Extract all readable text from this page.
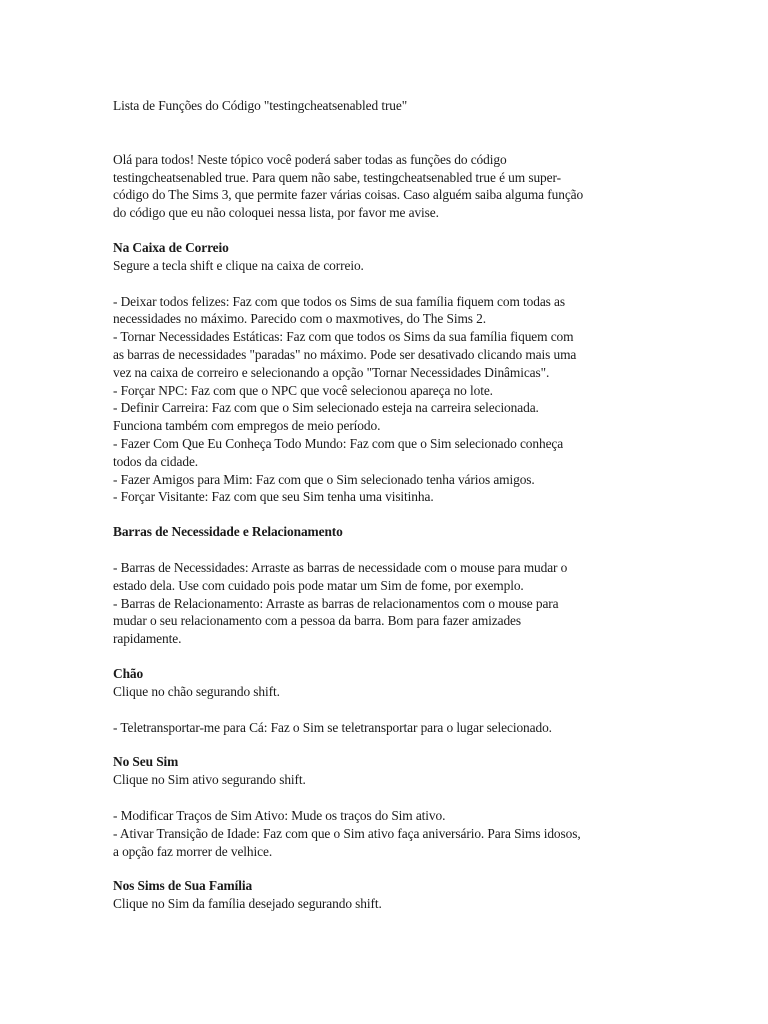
Lista de Funções do Código "testingcheatsenabled true"

Olá para todos! Neste tópico você poderá saber todas as funções do código
testingcheatsenabled true. Para quem não sabe, testingcheatsenabled true é um super-
código do The Sims 3, que permite fazer várias coisas. Caso alguém saiba alguma função
do código que eu não coloquei nessa lista, por favor me avise.

Na Caixa de Correio

Segure a tecla shift e clique na caixa de correio.

- Deixar todos felizes: Faz com que todos os Sims de sua família fiquem com todas as
necessidades no máximo. Parecido com o maxmotives, do The Sims 2.
- Tornar Necessidades Estáticas: Faz com que todos os Sims da sua família fiquem com
as barras de necessidades "paradas" no máximo. Pode ser desativado clicando mais uma
vez na caixa de correiro e selecionando a opção "Tornar Necessidades Dinâmicas".
- Forçar NPC: Faz com que o NPC que você selecionou apareça no lote.
- Definir Carreira: Faz com que o Sim selecionado esteja na carreira selecionada.
Funciona também com empregos de meio período.
- Fazer Com Que Eu Conheça Todo Mundo: Faz com que o Sim selecionado conheça
todos da cidade.
- Fazer Amigos para Mim: Faz com que o Sim selecionado tenha vários amigos.
- Forçar Visitante: Faz com que seu Sim tenha uma visitinha.

Barras de Necessidade e Relacionamento

- Barras de Necessidades: Arraste as barras de necessidade com o mouse para mudar o
estado dela. Use com cuidado pois pode matar um Sim de fome, por exemplo.
- Barras de Relacionamento: Arraste as barras de relacionamentos com o mouse para
mudar o seu relacionamento com a pessoa da barra. Bom para fazer amizades
rapidamente.

Chão

Clique no chão segurando shift.

- Teletransportar-me para Cá: Faz o Sim se teletransportar para o lugar selecionado.

No Seu Sim

Clique no Sim ativo segurando shift.

- Modificar Traços de Sim Ativo: Mude os traços do Sim ativo.
- Ativar Transição de Idade: Faz com que o Sim ativo faça aniversário. Para Sims idosos,
a opção faz morrer de velhice.

Nos Sims de Sua Família

Clique no Sim da família desejado segurando shift.
